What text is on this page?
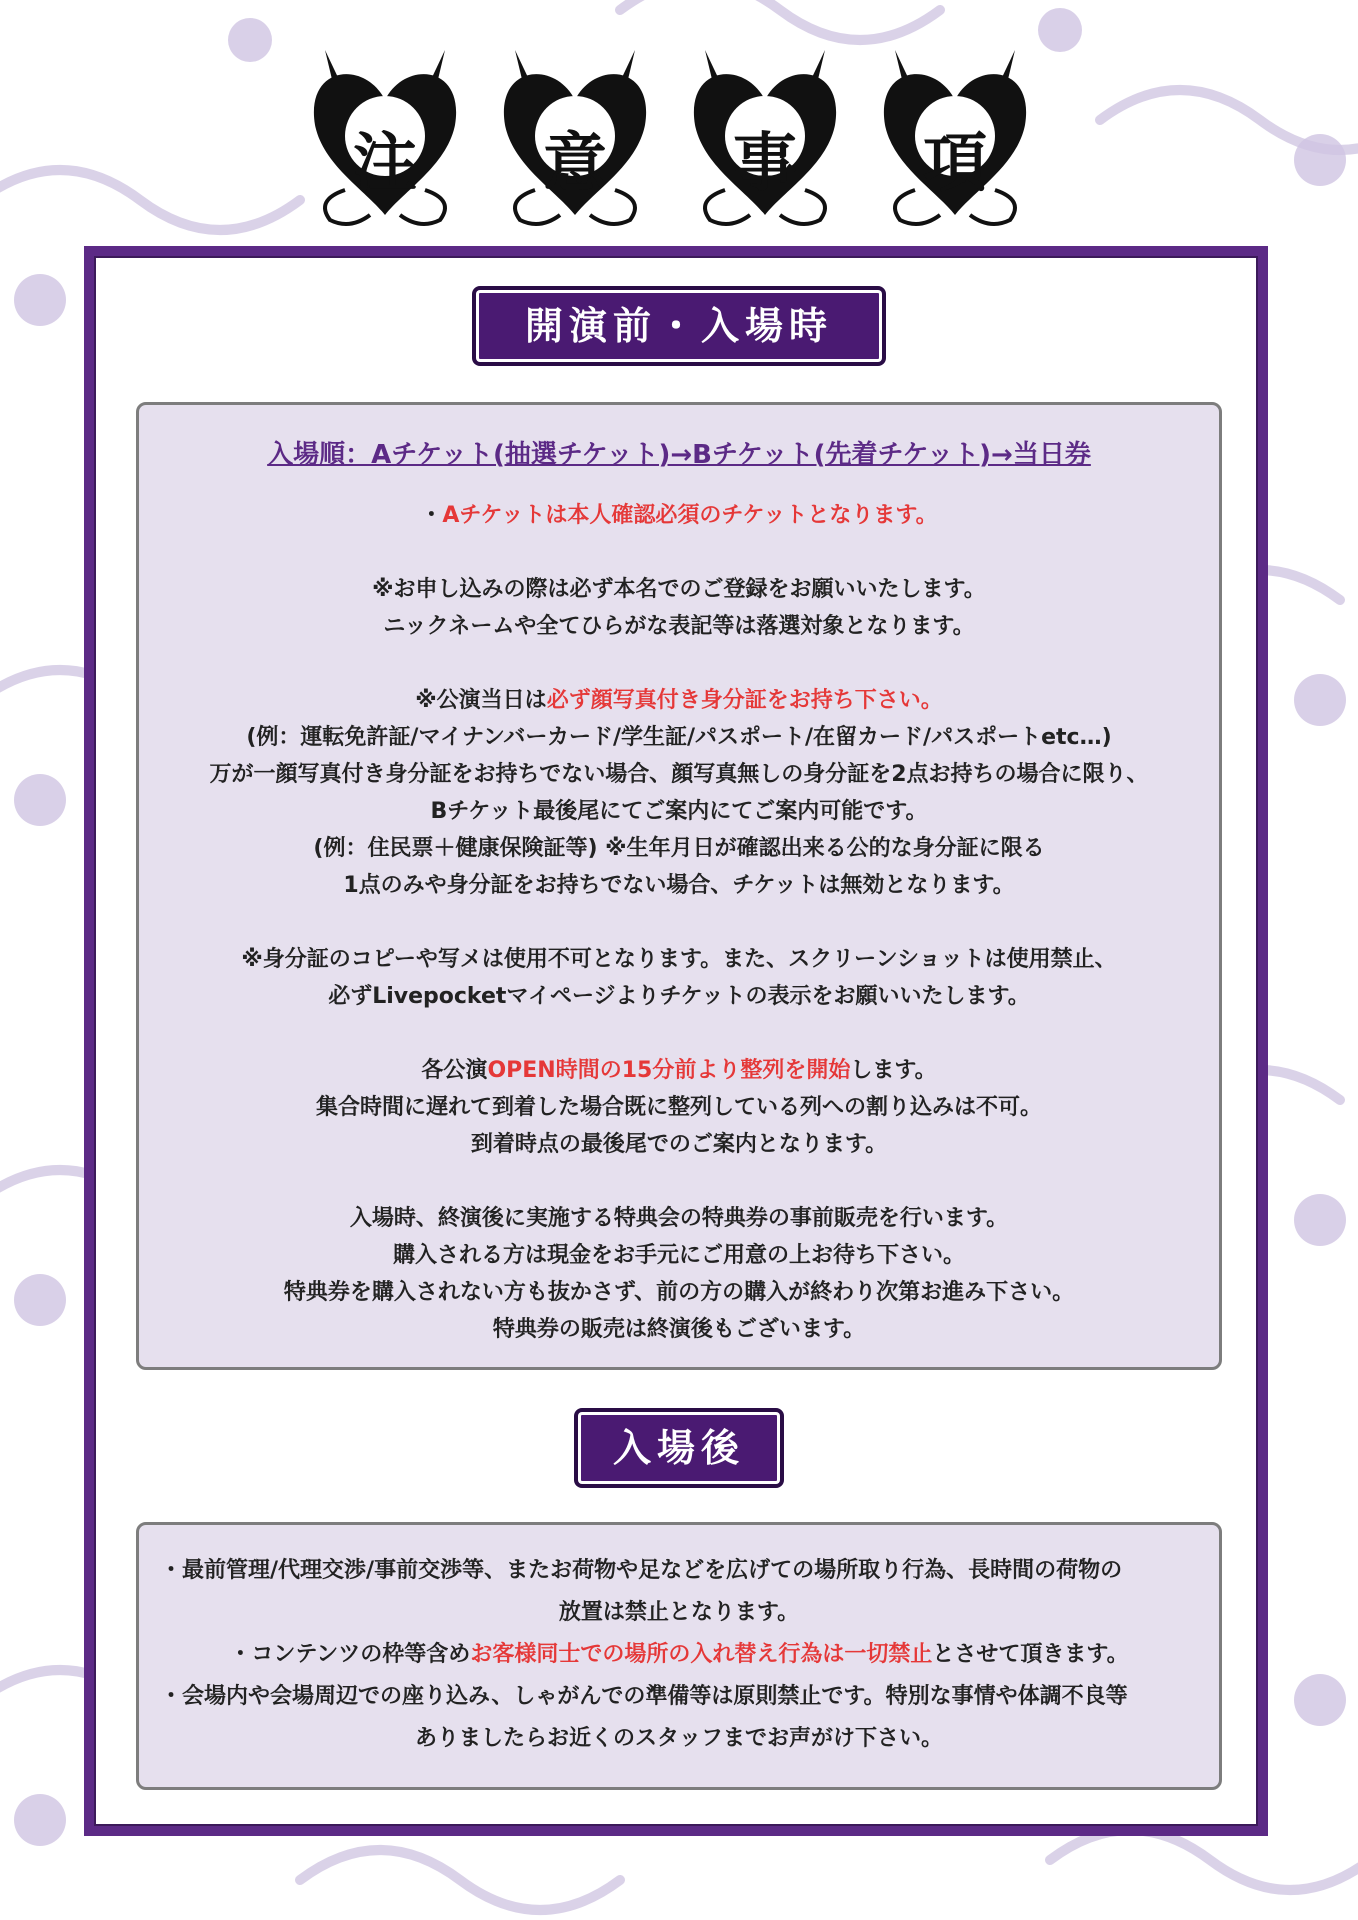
注	意	事	項
開演前・入場時
入場順：Aチケット(抽選チケット)→Bチケット(先着チケット)→当日券
・Aチケットは本人確認必須のチケットとなります。
※お申し込みの際は必ず本名でのご登録をお願いいたします。
ニックネームや全てひらがな表記等は落選対象となります。
※公演当日は必ず顔写真付き身分証をお持ち下さい。
(例：運転免許証/マイナンバーカード/学生証/パスポート/在留カード/パスポートetc…)
万が一顔写真付き身分証をお持ちでない場合、顔写真無しの身分証を2点お持ちの場合に限り、
Bチケット最後尾にてご案内にてご案内可能です。
(例：住民票＋健康保険証等) ※生年月日が確認出来る公的な身分証に限る
1点のみや身分証をお持ちでない場合、チケットは無効となります。
※身分証のコピーや写メは使用不可となります。また、スクリーンショットは使用禁止、
必ずLivepocketマイページよりチケットの表示をお願いいたします。
各公演OPEN時間の15分前より整列を開始します。
集合時間に遅れて到着した場合既に整列している列への割り込みは不可。
到着時点の最後尾でのご案内となります。
入場時、終演後に実施する特典会の特典券の事前販売を行います。
購入される方は現金をお手元にご用意の上お待ち下さい。
特典券を購入されない方も抜かさず、前の方の購入が終わり次第お進み下さい。
特典券の販売は終演後もございます。
入場後
・最前管理/代理交渉/事前交渉等、またお荷物や足などを広げての場所取り行為、長時間の荷物の
放置は禁止となります。
・コンテンツの枠等含めお客様同士での場所の入れ替え行為は一切禁止とさせて頂きます。
・会場内や会場周辺での座り込み、しゃがんでの準備等は原則禁止です。特別な事情や体調不良等
ありましたらお近くのスタッフまでお声がけ下さい。
